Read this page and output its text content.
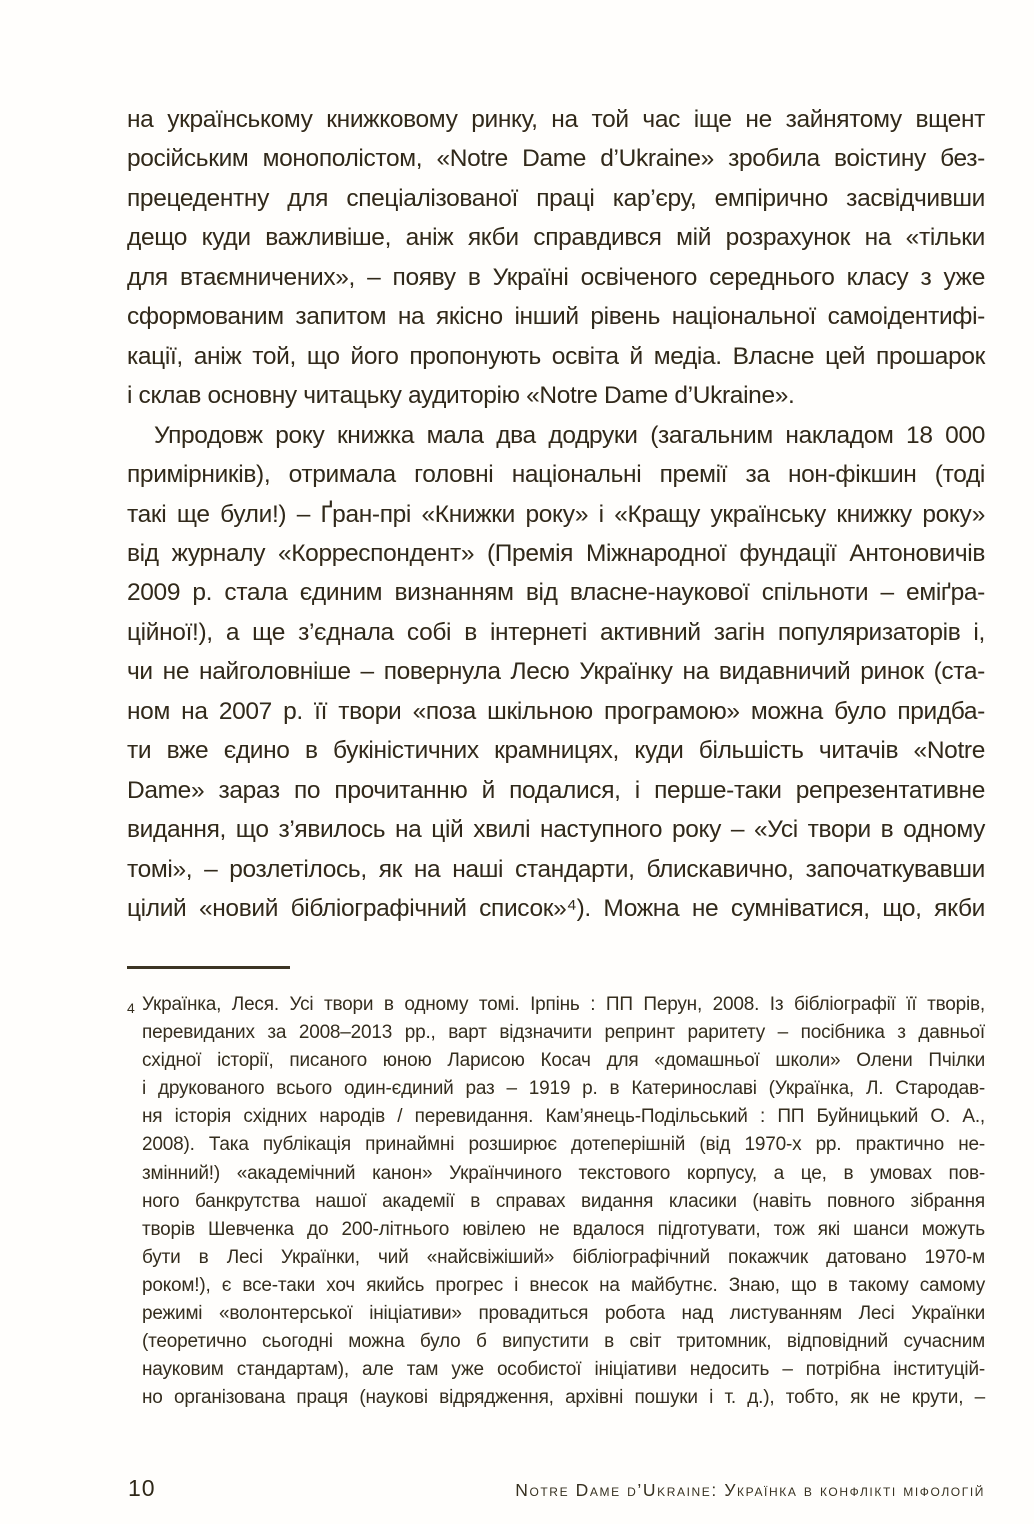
на українському книжковому ринку, на той час іще не зайнятому вщент
російським монополістом, «Notre Dame d’Ukraine» зробила воістину без-
прецедентну для спеціалізованої праці кар’єру, емпірично засвідчивши
дещо куди важливіше, аніж якби справдився мій розрахунок на «тільки
для втаємничених», – появу в Україні освіченого середнього класу з уже
сформованим запитом на якісно інший рівень національної самоідентифі-
кації, аніж той, що його пропонують освіта й медіа. Власне цей прошарок
і склав основну читацьку аудиторію «Notre Dame d’Ukraine».
Упродовж року книжка мала два додруки (загальним накладом 18 000
примірників), отримала головні національні премії за нон-фікшин (тоді
такі ще були!) – Ґран-прі «Книжки року» і «Кращу українську книжку року»
від журналу «Корреспондент» (Премія Міжнародної фундації Антоновичів
2009 р. стала єдиним визнанням від власне-наукової спільноти – еміґра-
ційної!), а ще з’єднала собі в інтернеті активний загін популяризаторів і,
чи не найголовніше – повернула Лесю Українку на видавничий ринок (ста-
ном на 2007 р. її твори «поза шкільною програмою» можна було придба-
ти вже єдино в букіністичних крамницях, куди більшість читачів «Notre
Dame» зараз по прочитанню й подалися, і перше-таки репрезентативне
видання, що з’явилось на цій хвилі наступного року – «Усі твори в одному
томі», – розлетілось, як на наші стандарти, блискавично, започаткувавши
цілий «новий бібліографічний список»⁴). Можна не сумніватися, що, якби
4 Українка, Леся. Усі твори в одному томі. Ірпінь : ПП Перун, 2008. Із бібліографії її творів,
перевиданих за 2008–2013 рр., варт відзначити репринт раритету – посібника з давньої
східної історії, писаного юною Ларисою Косач для «домашньої школи» Олени Пчілки
і друкованого всього один-єдиний раз – 1919 р. в Катеринославі (Українка, Л. Стародав-
ня історія східних народів / перевидання. Кам’янець-Подільський : ПП Буйницький О. А.,
2008). Така публікація принаймні розширює дотеперішній (від 1970-х рр. практично не-
змінний!) «академічний канон» Українчиного текстового корпусу, а це, в умовах пов-
ного банкрутства нашої академії в справах видання класики (навіть повного зібрання
творів Шевченка до 200-літнього ювілею не вдалося підготувати, тож які шанси можуть
бути в Лесі Українки, чий «найсвіжіший» бібліографічний покажчик датовано 1970-м
роком!), є все-таки хоч якийсь прогрес і внесок на майбутнє. Знаю, що в такому самому
режимі «волонтерської ініціативи» провадиться робота над листуванням Лесі Українки
(теоретично сьогодні можна було б випустити в світ тритомник, відповідний сучасним
науковим стандартам), але там уже особистої ініціативи недосить – потрібна інституцій-
но організована праця (наукові відрядження, архівні пошуки і т. д.), тобто, як не крути, –
10	Notre Dame d’Ukraine: Українка в конфлікті міфологій
